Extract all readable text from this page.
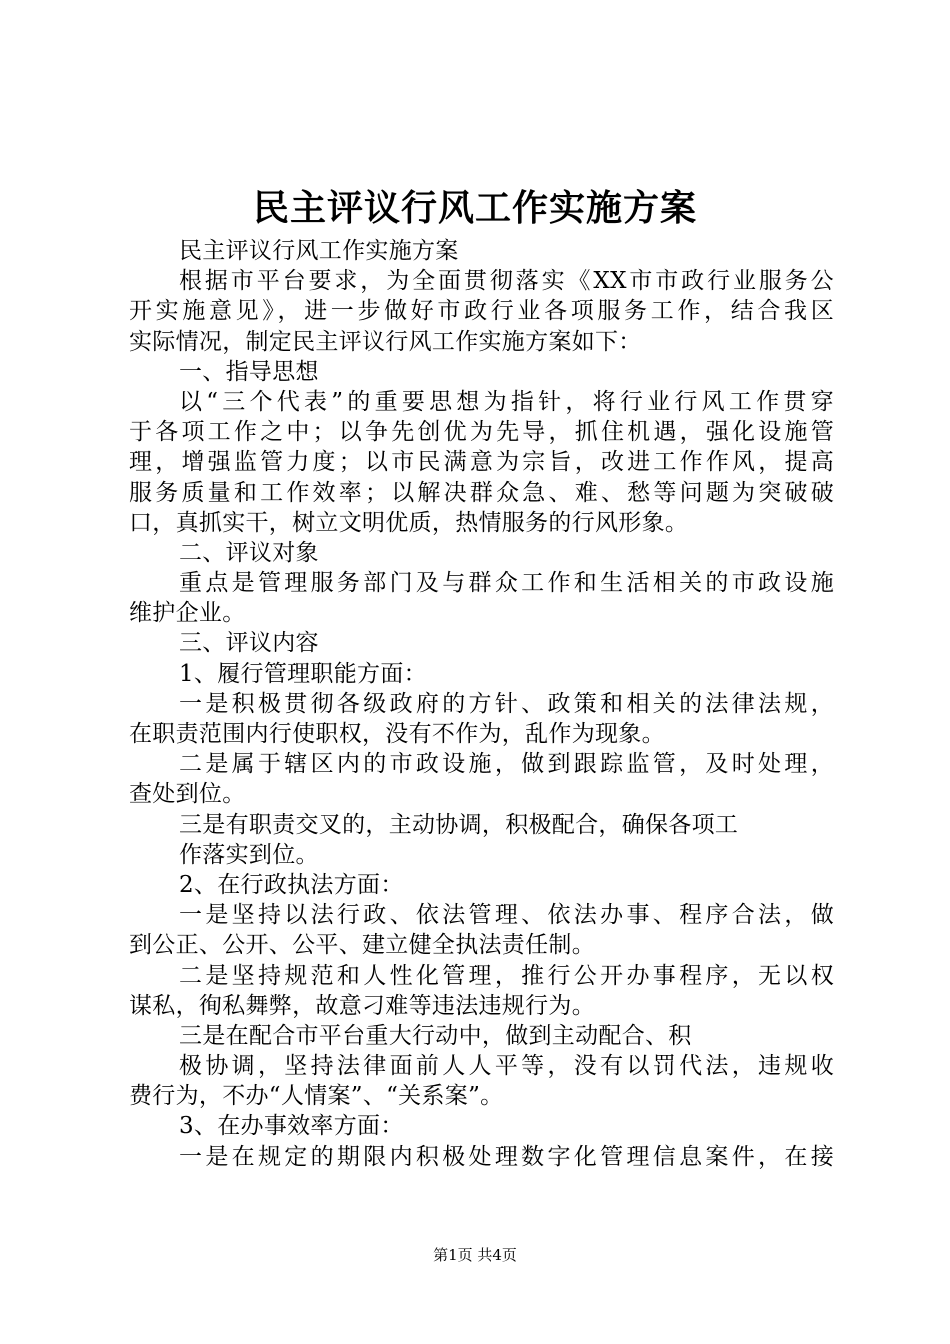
民主评议行风工作实施方案
民主评议行风工作实施方案
根据市平台要求，为全面贯彻落实《XX市市政行业服务公
开实施意见》，进一步做好市政行业各项服务工作，结合我区
实际情况，制定民主评议行风工作实施方案如下：
一、指导思想
以“三个代表”的重要思想为指针，将行业行风工作贯穿
于各项工作之中；以争先创优为先导，抓住机遇，强化设施管
理，增强监管力度；以市民满意为宗旨，改进工作作风，提高
服务质量和工作效率；以解决群众急、难、愁等问题为突破破
口，真抓实干，树立文明优质，热情服务的行风形象。
二、评议对象
重点是管理服务部门及与群众工作和生活相关的市政设施
维护企业。
三、评议内容
1、履行管理职能方面：
一是积极贯彻各级政府的方针、政策和相关的法律法规，
在职责范围内行使职权，没有不作为，乱作为现象。
二是属于辖区内的市政设施，做到跟踪监管，及时处理，
查处到位。
三是有职责交叉的，主动协调，积极配合，确保各项工
作落实到位。
2、在行政执法方面：
一是坚持以法行政、依法管理、依法办事、程序合法，做
到公正、公开、公平、建立健全执法责任制。
二是坚持规范和人性化管理，推行公开办事程序，无以权
谋私，徇私舞弊，故意刁难等违法违规行为。
三是在配合市平台重大行动中，做到主动配合、积
极协调，坚持法律面前人人平等，没有以罚代法，违规收
费行为，不办“人情案”、“关系案”。
3、在办事效率方面：
一是在规定的期限内积极处理数字化管理信息案件，在接
第1页 共4页
